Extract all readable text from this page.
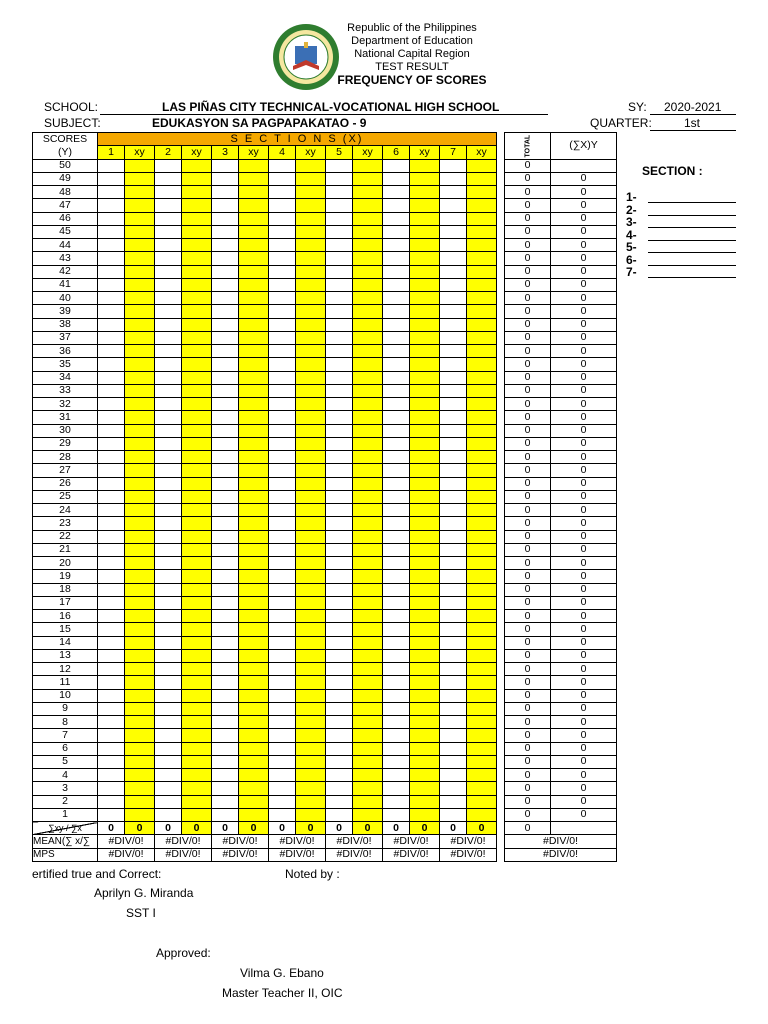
Republic of the Philippines
Department of Education
National Capital Region
TEST RESULT
FREQUENCY OF SCORES
SCHOOL:	LAS PIÑAS CITY TECHNICAL-VOCATIONAL HIGH SCHOOL
SUBJECT:	EDUKASYON SA PAGPAPAKATAO - 9
SY: 2020-2021
QUARTER:	1st
SCORES	S E C T I O N S (X)															TOTAL	(∑X)Y
(Y)	1	xy	2	xy	3	xy	4	xy	5	xy	6	xy	7	xy			
50																0	
49																0	0
48																0	0
47																0	0
46																0	0
45																0	0
44																0	0
43																0	0
42																0	0
41																0	0
40																0	0
39																0	0
38																0	0
37																0	0
36																0	0
35																0	0
34																0	0
33																0	0
32																0	0
31																0	0
30																0	0
29																0	0
28																0	0
27																0	0
26																0	0
25																0	0
24																0	0
23																0	0
22																0	0
21																0	0
20																0	0
19																0	0
18																0	0
17																0	0
16																0	0
15																0	0
14																0	0
13																0	0
12																0	0
11																0	0
10																0	0
9																0	0
8																0	0
7																0	0
6																0	0
5																0	0
4																0	0
3																0	0
2																0	0
1																0	0
∑xy / ∑x	0	0	0	0	0	0	0	0	0	0	0	0	0	0		0	
MEAN(∑ x/∑	#DIV/0!		#DIV/0!		#DIV/0!		#DIV/0!		#DIV/0!		#DIV/0!		#DIV/0!			#DIV/0!	
MPS	#DIV/0!		#DIV/0!		#DIV/0!		#DIV/0!		#DIV/0!		#DIV/0!		#DIV/0!			#DIV/0!	
SECTION :
1-
2-
3-
4-
5-
6-
7-
ertified true and Correct:	Noted by :
Aprilyn G. Miranda
SST I
Approved:
Vilma G. Ebano
Master Teacher II, OIC
